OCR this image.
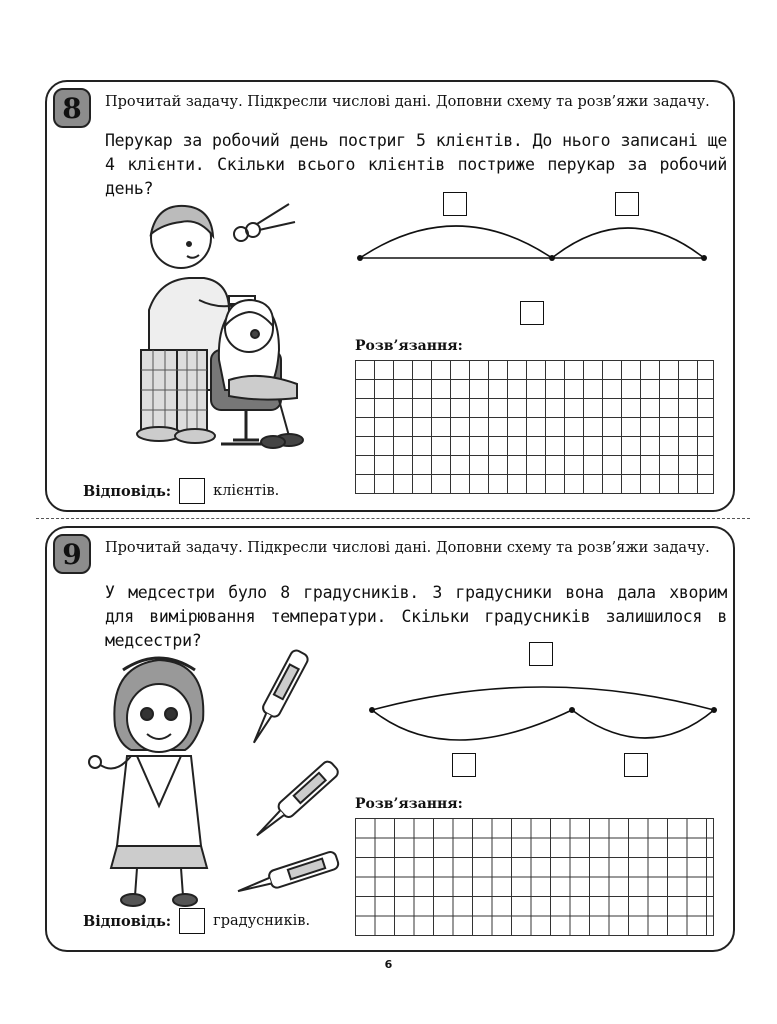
8	Прочитай задачу. Підкресли числові дані. Доповни схему та розв’яжи задачу.
Перукар за робочий день постриг 5 клієнтів. До нього записані ще 4 клієнти. Скільки всього клієнтів постриже перукар за робочий день?
Розв’язання:
Відповідь:	клієнтів.
9	Прочитай задачу. Підкресли числові дані. Доповни схему та розв’яжи задачу.
У медсестри було 8 градусників. 3 градусники вона дала хворим для вимірювання температури. Скільки градусників залишилося в медсестри?
Розв’язання:
Відповідь:	градусників.
6
